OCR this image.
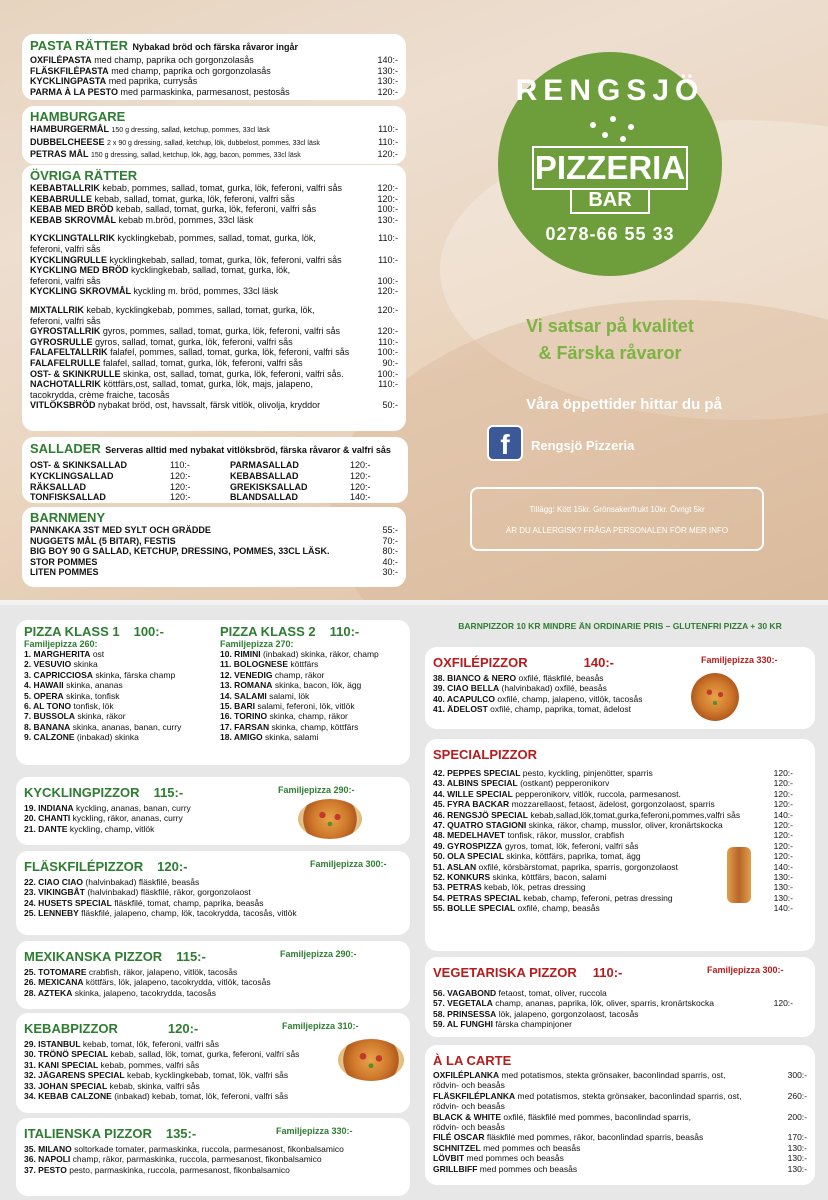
PASTA RÄTTER Nybakad bröd och färska råvaror ingår
OXFILÉPASTA med champ, paprika och gorgonzolasås	140:-
FLÄSKFILÉPASTA med champ, paprika och gorgonzolasås	130:-
KYCKLINGPASTA med paprika, currysås	130:-
PARMA À LA PESTO med parmaskinka, parmesanost, pestosås	120:-
HAMBURGARE
HAMBURGERMÅL 150 g dressing, sallad, ketchup, pommes, 33cl läsk	110:-
DUBBELCHEESE 2 x 90 g dressing, sallad, ketchup, lök, dubbelost, pommes, 33cl läsk	110:-
PETRAS MÅL 150 g dressing, sallad, ketchup, lök, ägg, bacon, pommes, 33cl läsk	120:-
ÖVRIGA RÄTTER
KEBABTALLRIK kebab, pommes, sallad, tomat, gurka, lök, feferoni, valfri sås	120:-
KEBABRULLE kebab, sallad, tomat, gurka, lök, feferoni, valfri sås	120:-
KEBAB MED BRÖD kebab, sallad, tomat, gurka, lök, feferoni, valfri sås	100:-
KEBAB SKROVMÅL kebab m.bröd, pommes, 33cl läsk	130:-
KYCKLINGTALLRIK kycklingkebab, pommes, sallad, tomat, gurka, lök,	110:-
feferoni, valfri sås
KYCKLINGRULLE kycklingkebab, sallad, tomat, gurka, lök, feferoni, valfri sås	110:-
KYCKLING MED BRÖD kycklingkebab, sallad, tomat, gurka, lök,
feferoni, valfri sås	100:-
KYCKLING SKROVMÅL kyckling m. bröd, pommes, 33cl läsk	120:-
MIXTALLRIK kebab, kycklingkebab, pommes, sallad, tomat, gurka, lök,	120:-
feferoni, valfri sås
GYROSTALLRIK gyros, pommes, sallad, tomat, gurka, lök, feferoni, valfri sås	120:-
GYROSRULLE gyros, sallad, tomat, gurka, lök, feferoni, valfri sås	110:-
FALAFELTALLRIK falafel, pommes, sallad, tomat, gurka, lök, feferoni, valfri sås	100:-
FALAFELRULLE falafel, sallad, tomat, gurka, lök, feferoni, valfri sås	90:-
OST- & SKINKRULLE skinka, ost, sallad, tomat, gurka, lök, feferoni, valfri sås.	100:-
NACHOTALLRIK köttfärs,ost, sallad, tomat, gurka, lök, majs, jalapeno,	110:-
tacokrydda, crème fraiche, tacosås
VITLÖKSBRÖD nybakat bröd, ost, havssalt, färsk vitlök, olivolja, kryddor	50:-
SALLADER Serveras alltid med nybakat vitlöksbröd, färska råvaror & valfri sås
OST- & SKINKSALLAD	110:-	PARMASALLAD	120:-
KYCKLINGSALLAD	120:-	KEBABSALLAD	120:-
RÄKSALLAD	120:-	GREKISKSALLAD	120:-
TONFISKSALLAD	120:-	BLANDSALLAD	140:-
BARNMENY
PANNKAKA 3ST MED SYLT OCH GRÄDDE	55:-
NUGGETS MÅL (5 BITAR), FESTIS	70:-
BIG BOY 90 G SALLAD, KETCHUP, DRESSING, POMMES, 33CL LÄSK.	80:-
STOR POMMES	40:-
LITEN POMMES	30:-
RENGSJÖ
PIZZERIA
BAR
0278-66 55 33
Vi satsar på kvalitet
& Färska råvaror
Våra öppettider hittar du på
f	Rengsjö Pizzeria
Tillägg: Kött 15kr. Grönsaker/frukt 10kr. Övrigt 5kr
ÄR DU ALLERGISK? FRÅGA PERSONALEN FÖR MER INFO
PIZZA KLASS 1 100:-
Familjepizza 260:
1. MARGHERITA ost
2. VESUVIO skinka
3. CAPRICCIOSA skinka, färska champ
4. HAWAII skinka, ananas
5. OPERA skinka, tonfisk
6. AL TONO tonfisk, lök
7. BUSSOLA skinka, räkor
8. BANANA skinka, ananas, banan, curry
9. CALZONE (inbakad) skinka
PIZZA KLASS 2 110:-
Familjepizza 270:
10. RIMINI (inbakad) skinka, räkor, champ
11. BOLOGNESE köttfärs
12. VENEDIG champ, räkor
13. ROMANA skinka, bacon, lök, ägg
14. SALAMI salami, lök
15. BARI salami, feferoni, lök, vitlök
16. TORINO skinka, champ, räkor
17. FARSAN skinka, champ, köttfärs
18. AMIGO skinka, salami
KYCKLINGPIZZOR 115:-	Familjepizza 290:-
19. INDIANA kyckling, ananas, banan, curry
20. CHANTI kyckling, räkor, ananas, curry
21. DANTE kyckling, champ, vitlök
FLÄSKFILÉPIZZOR 120:-	Familjepizza 300:-
22. CIAO CIAO (halvinbakad) fläskfilé, beasås
23. VIKINGBÅT (halvinbakad) fläskfilé, räkor, gorgonzolaost
24. HUSETS SPECIAL fläskfilé, tomat, champ, paprika, beasås
25. LENNEBY fläskfilé, jalapeno, champ, lök, tacokrydda, tacosås, vitlök
MEXIKANSKA PIZZOR 115:-	Familjepizza 290:-
25. TOTOMARE crabfish, räkor, jalapeno, vitlök, tacosås
26. MEXICANA köttfärs, lök, jalapeno, tacokrydda, vitlök, tacosås
28. AZTEKA skinka, jalapeno, tacokrydda, tacosås
KEBABPIZZOR	120:-	Familjepizza 310:-
29. ISTANBUL kebab, tomat, lök, feferoni, valfri sås
30. TRÖNÖ SPECIAL kebab, sallad, lök, tomat, gurka, feferoni, valfri sås
31. KANI SPECIAL kebab, pommes, valfri sås
32. JÄGARENS SPECIAL kebab, kycklingkebab, tomat, lök, valfri sås
33. JOHAN SPECIAL kebab, skinka, valfri sås
34. KEBAB CALZONE (inbakad) kebab, tomat, lök, feferoni, valfri sås
ITALIENSKA PIZZOR 135:-	Familjepizza 330:-
35. MILANO soltorkade tomater, parmaskinka, ruccola, parmesanost, fikonbalsamico
36. NAPOLI champ, räkor, parmaskinka, ruccola, parmesanost, fikonbalsamico
37. PESTO pesto, parmaskinka, ruccola, parmesanost, fikonbalsamico
BARNPIZZOR 10 KR MINDRE ÄN ORDINARIE PRIS – GLUTENFRI PIZZA + 30 KR
OXFILÉPIZZOR	140:-	Familjepizza 330:-
38. BIANCO & NERO oxfilé, fläskfilé, beasås
39. CIAO BELLA (halvinbakad) oxfilé, beasås
40. ACAPULCO oxfilé, champ, jalapeno, vitlök, tacosås
41. ÄDELOST oxfilé, champ, paprika, tomat, ädelost
SPECIALPIZZOR
42. PEPPES SPECIAL pesto, kyckling, pinjenötter, sparris	120:-
43. ALBINS SPECIAL (ostkant) pepperonikorv	120:-
44. WILLE SPECIAL pepperonikorv, vitlök, ruccola, parmesanost.	120:-
45. FYRA BACKAR mozzarellaost, fetaost, ädelost, gorgonzolaost, sparris	120:-
46. RENGSJÖ SPECIAL kebab,sallad,lök,tomat,gurka,feferoni,pommes,valfri sås	140:-
47. QUATRO STAGIONI skinka, räkor, champ, musslor, oliver, kronärtskocka	120:-
48. MEDELHAVET tonfisk, räkor, musslor, crabfish	120:-
49. GYROSPIZZA gyros, tomat, lök, feferoni, valfri sås	120:-
50. OLA SPECIAL skinka, köttfärs, paprika, tomat, ägg	120:-
51. ASLAN oxfilé, körsbärstomat, paprika, sparris, gorgonzolaost	140:-
52. KONKURS skinka, köttfärs, bacon, salami	130:-
53. PETRAS kebab, lök, petras dressing	130:-
54. PETRAS SPECIAL kebab, champ, feferoni, petras dressing	130:-
55. BOLLE SPECIAL oxfilé, champ, beasås	140:-
VEGETARISKA PIZZOR 110:-	Familjepizza 300:-
56. VAGABOND fetaost, tomat, oliver, ruccola
57. VEGETALA champ, ananas, paprika, lök, oliver, sparris, kronärtskocka	120:-
58. PRINSESSA lök, jalapeno, gorgonzolaost, tacosås
59. AL FUNGHI färska champinjoner
À LA CARTE
OXFILÉPLANKA med potatismos, stekta grönsaker, baconlindad sparris, ost,	300:-
rödvin- och beasås
FLÄSKFILÉPLANKA med potatismos, stekta grönsaker, baconlindad sparris, ost,	260:-
rödvin- och beasås
BLACK & WHITE oxfilé, fläskfilé med pommes, baconlindad sparris,	200:-
rödvin- och beasås
FILÉ OSCAR fläskfilé med pommes, räkor, baconlindad sparris, beasås	170:-
SCHNITZEL med pommes och beasås	130:-
LÖVBIT med pommes och beasås	130:-
GRILLBIFF med pommes och beasås	130:-
